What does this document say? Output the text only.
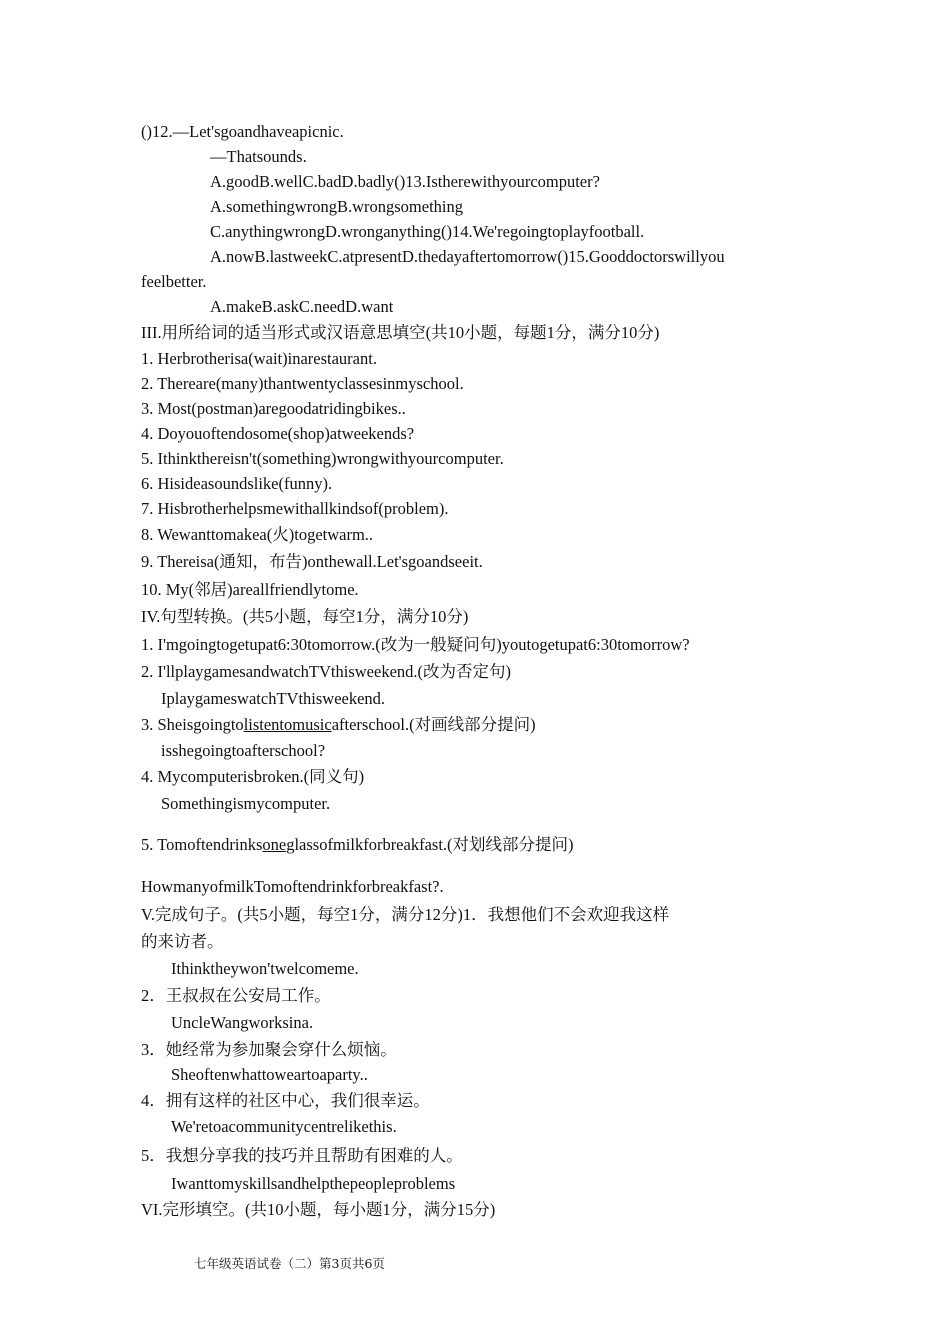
()12.—Let'sgoandhaveapicnic.
—Thatsounds.
A.goodB.wellC.badD.badly()13.Istherewithyourcomputer?
A.somethingwrongB.wrongsomething
C.anythingwrongD.wronganything()14.We'regoingtoplayfootball.
A.nowB.lastweekC.atpresentD.thedayaftertomorrow()15.Gooddoctorswillyou
feelbetter.
A.makeB.askC.needD.want
III.用所给词的适当形式或汉语意思填空(共10小题，每题1分，满分10分)
1. Herbrotherisa(wait)inarestaurant.
2. Thereare(many)thantwentyclassesinmyschool.
3. Most(postman)aregoodatridingbikes..
4. Doyouoftendosome(shop)atweekends?
5. Ithinkthereisn't(something)wrongwithyourcomputer.
6. Hisideasoundslike(funny).
7. Hisbrotherhelpsmewithallkindsof(problem).
8. Wewanttomakea(火)togetwarm..
9. Thereisa(通知，布告)onthewall.Let'sgoandseeit.
10. My(邻居)areallfriendlytome.
IV.句型转换。(共5小题，每空1分，满分10分)
1. I'mgoingtogetupat6:30tomorrow.(改为一般疑问句)youtogetupat6:30tomorrow?
2. I'llplaygamesandwatchTVthisweekend.(改为否定句)
IplaygameswatchTVthisweekend.
3. Sheisgoingtolistentomusicafterschool.(对画线部分提问)
isshegoingtoafterschool?
4. Mycomputerisbroken.(同义句)
Somethingismycomputer.
5. Tomoftendrinksoneglassofmilkforbreakfast.(对划线部分提问)
HowmanyofmilkTomoftendrinkforbreakfast?.
V.完成句子。(共5小题，每空1分，满分12分)1．我想他们不会欢迎我这样
的来访者。
Ithinktheywon'twelcomeme.
2．王叔叔在公安局工作。
UncleWangworksina.
3．她经常为参加聚会穿什么烦恼。
Sheoftenwhattoweartoaparty..
4．拥有这样的社区中心，我们很幸运。
We'retoacommunitycentrelikethis.
5．我想分享我的技巧并且帮助有困难的人。
Iwanttomyskillsandhelpthepeopleproblems
VI.完形填空。(共10小题，每小题1分，满分15分)
七年级英语试卷（二）第3页共6页
